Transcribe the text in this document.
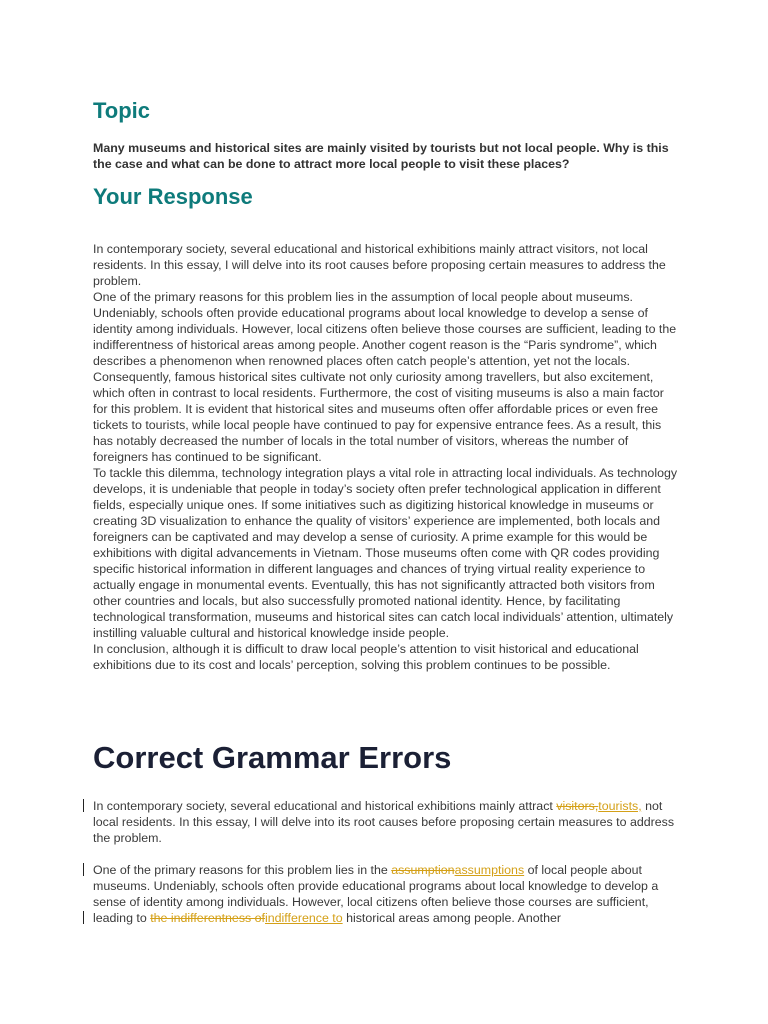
Topic

Many museums and historical sites are mainly visited by tourists but not local people. Why is this the case and what can be done to attract more local people to visit these places?

Your Response

In contemporary society, several educational and historical exhibitions mainly attract visitors, not local residents. In this essay, I will delve into its root causes before proposing certain measures to address the problem.

One of the primary reasons for this problem lies in the assumption of local people about museums. Undeniably, schools often provide educational programs about local knowledge to develop a sense of identity among individuals. However, local citizens often believe those courses are sufficient, leading to the indifferentness of historical areas among people. Another cogent reason is the “Paris syndrome”, which describes a phenomenon when renowned places often catch people’s attention, yet not the locals. Consequently, famous historical sites cultivate not only curiosity among travellers, but also excitement, which often in contrast to local residents. Furthermore, the cost of visiting museums is also a main factor for this problem. It is evident that historical sites and museums often offer affordable prices or even free tickets to tourists, while local people have continued to pay for expensive entrance fees. As a result, this has notably decreased the number of locals in the total number of visitors, whereas the number of foreigners has continued to be significant.

To tackle this dilemma, technology integration plays a vital role in attracting local individuals. As technology develops, it is undeniable that people in today’s society often prefer technological application in different fields, especially unique ones. If some initiatives such as digitizing historical knowledge in museums or creating 3D visualization to enhance the quality of visitors’ experience are implemented, both locals and foreigners can be captivated and may develop a sense of curiosity. A prime example for this would be exhibitions with digital advancements in Vietnam. Those museums often come with QR codes providing specific historical information in different languages and chances of trying virtual reality experience to actually engage in monumental events. Eventually, this has not significantly attracted both visitors from other countries and locals, but also successfully promoted national identity. Hence, by facilitating technological transformation, museums and historical sites can catch local individuals’ attention, ultimately instilling valuable cultural and historical knowledge inside people.

In conclusion, although it is difficult to draw local people’s attention to visit historical and educational exhibitions due to its cost and locals’ perception, solving this problem continues to be possible.

Correct Grammar Errors

In contemporary society, several educational and historical exhibitions mainly attract visitors,tourists, not local residents. In this essay, I will delve into its root causes before proposing certain measures to address the problem.

One of the primary reasons for this problem lies in the assumptionassumptions of local people about museums. Undeniably, schools often provide educational programs about local knowledge to develop a sense of identity among individuals. However, local citizens often believe those courses are sufficient, leading to the indifferentness ofindifference to historical areas among people. Another
